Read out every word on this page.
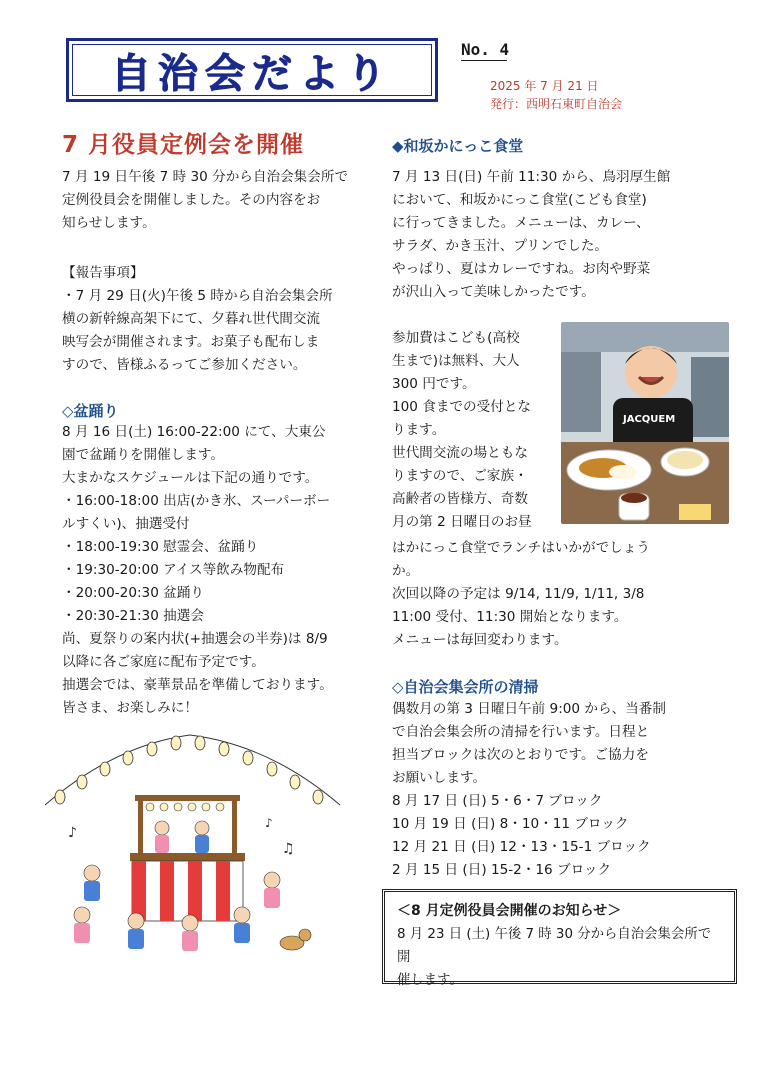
自治会だより
No. 4
2025 年 7 月 21 日
発行：西明石東町自治会
7 月役員定例会を開催
7 月 19 日午後 7 時 30 分から自治会集会所で
定例役員会を開催しました。その内容をお
知らせします。
【報告事項】
・7 月 29 日(火)午後 5 時から自治会集会所
横の新幹線高架下にて、夕暮れ世代間交流
映写会が開催されます。お菓子も配布しま
すので、皆様ふるってご参加ください。
◇盆踊り
8 月 16 日(土) 16:00-22:00 にて、大東公
園で盆踊りを開催します。
大まかなスケジュールは下記の通りです。
・16:00-18:00 出店(かき氷、スーパーボー
ルすくい)、抽選受付
・18:00-19:30 慰霊会、盆踊り
・19:30-20:00 アイス等飲み物配布
・20:00-20:30 盆踊り
・20:30-21:30 抽選会
尚、夏祭りの案内状(+抽選会の半券)は 8/9
以降に各ご家庭に配布予定です。
抽選会では、豪華景品を準備しております。
皆さま、お楽しみに！
♪
♫
♪
◆和坂かにっこ食堂
7 月 13 日(日) 午前 11:30 から、鳥羽厚生館
において、和坂かにっこ食堂(こども食堂)
に行ってきました。メニューは、カレー、
サラダ、かき玉汁、プリンでした。
やっぱり、夏はカレーですね。お肉や野菜
が沢山入って美味しかったです。
参加費はこども(高校
生まで)は無料、大人
300 円です。
100 食までの受付とな
ります。
世代間交流の場ともな
りますので、ご家族・
高齢者の皆様方、奇数
月の第 2 日曜日のお昼
JACQUEM
はかにっこ食堂でランチはいかがでしょう
か。
次回以降の予定は 9/14, 11/9, 1/11, 3/8
11:00 受付、11:30 開始となります。
メニューは毎回変わります。
◇自治会集会所の清掃
偶数月の第 3 日曜日午前 9:00 から、当番制
で自治会集会所の清掃を行います。日程と
担当ブロックは次のとおりです。ご協力を
お願いします。
8 月 17 日 (日) 5・6・7 ブロック
10 月 19 日 (日) 8・10・11 ブロック
12 月 21 日 (日) 12・13・15-1 ブロック
2 月 15 日 (日) 15-2・16 ブロック
＜8 月定例役員会開催のお知らせ＞
8 月 23 日 (土) 午後 7 時 30 分から自治会集会所で開
催します。
